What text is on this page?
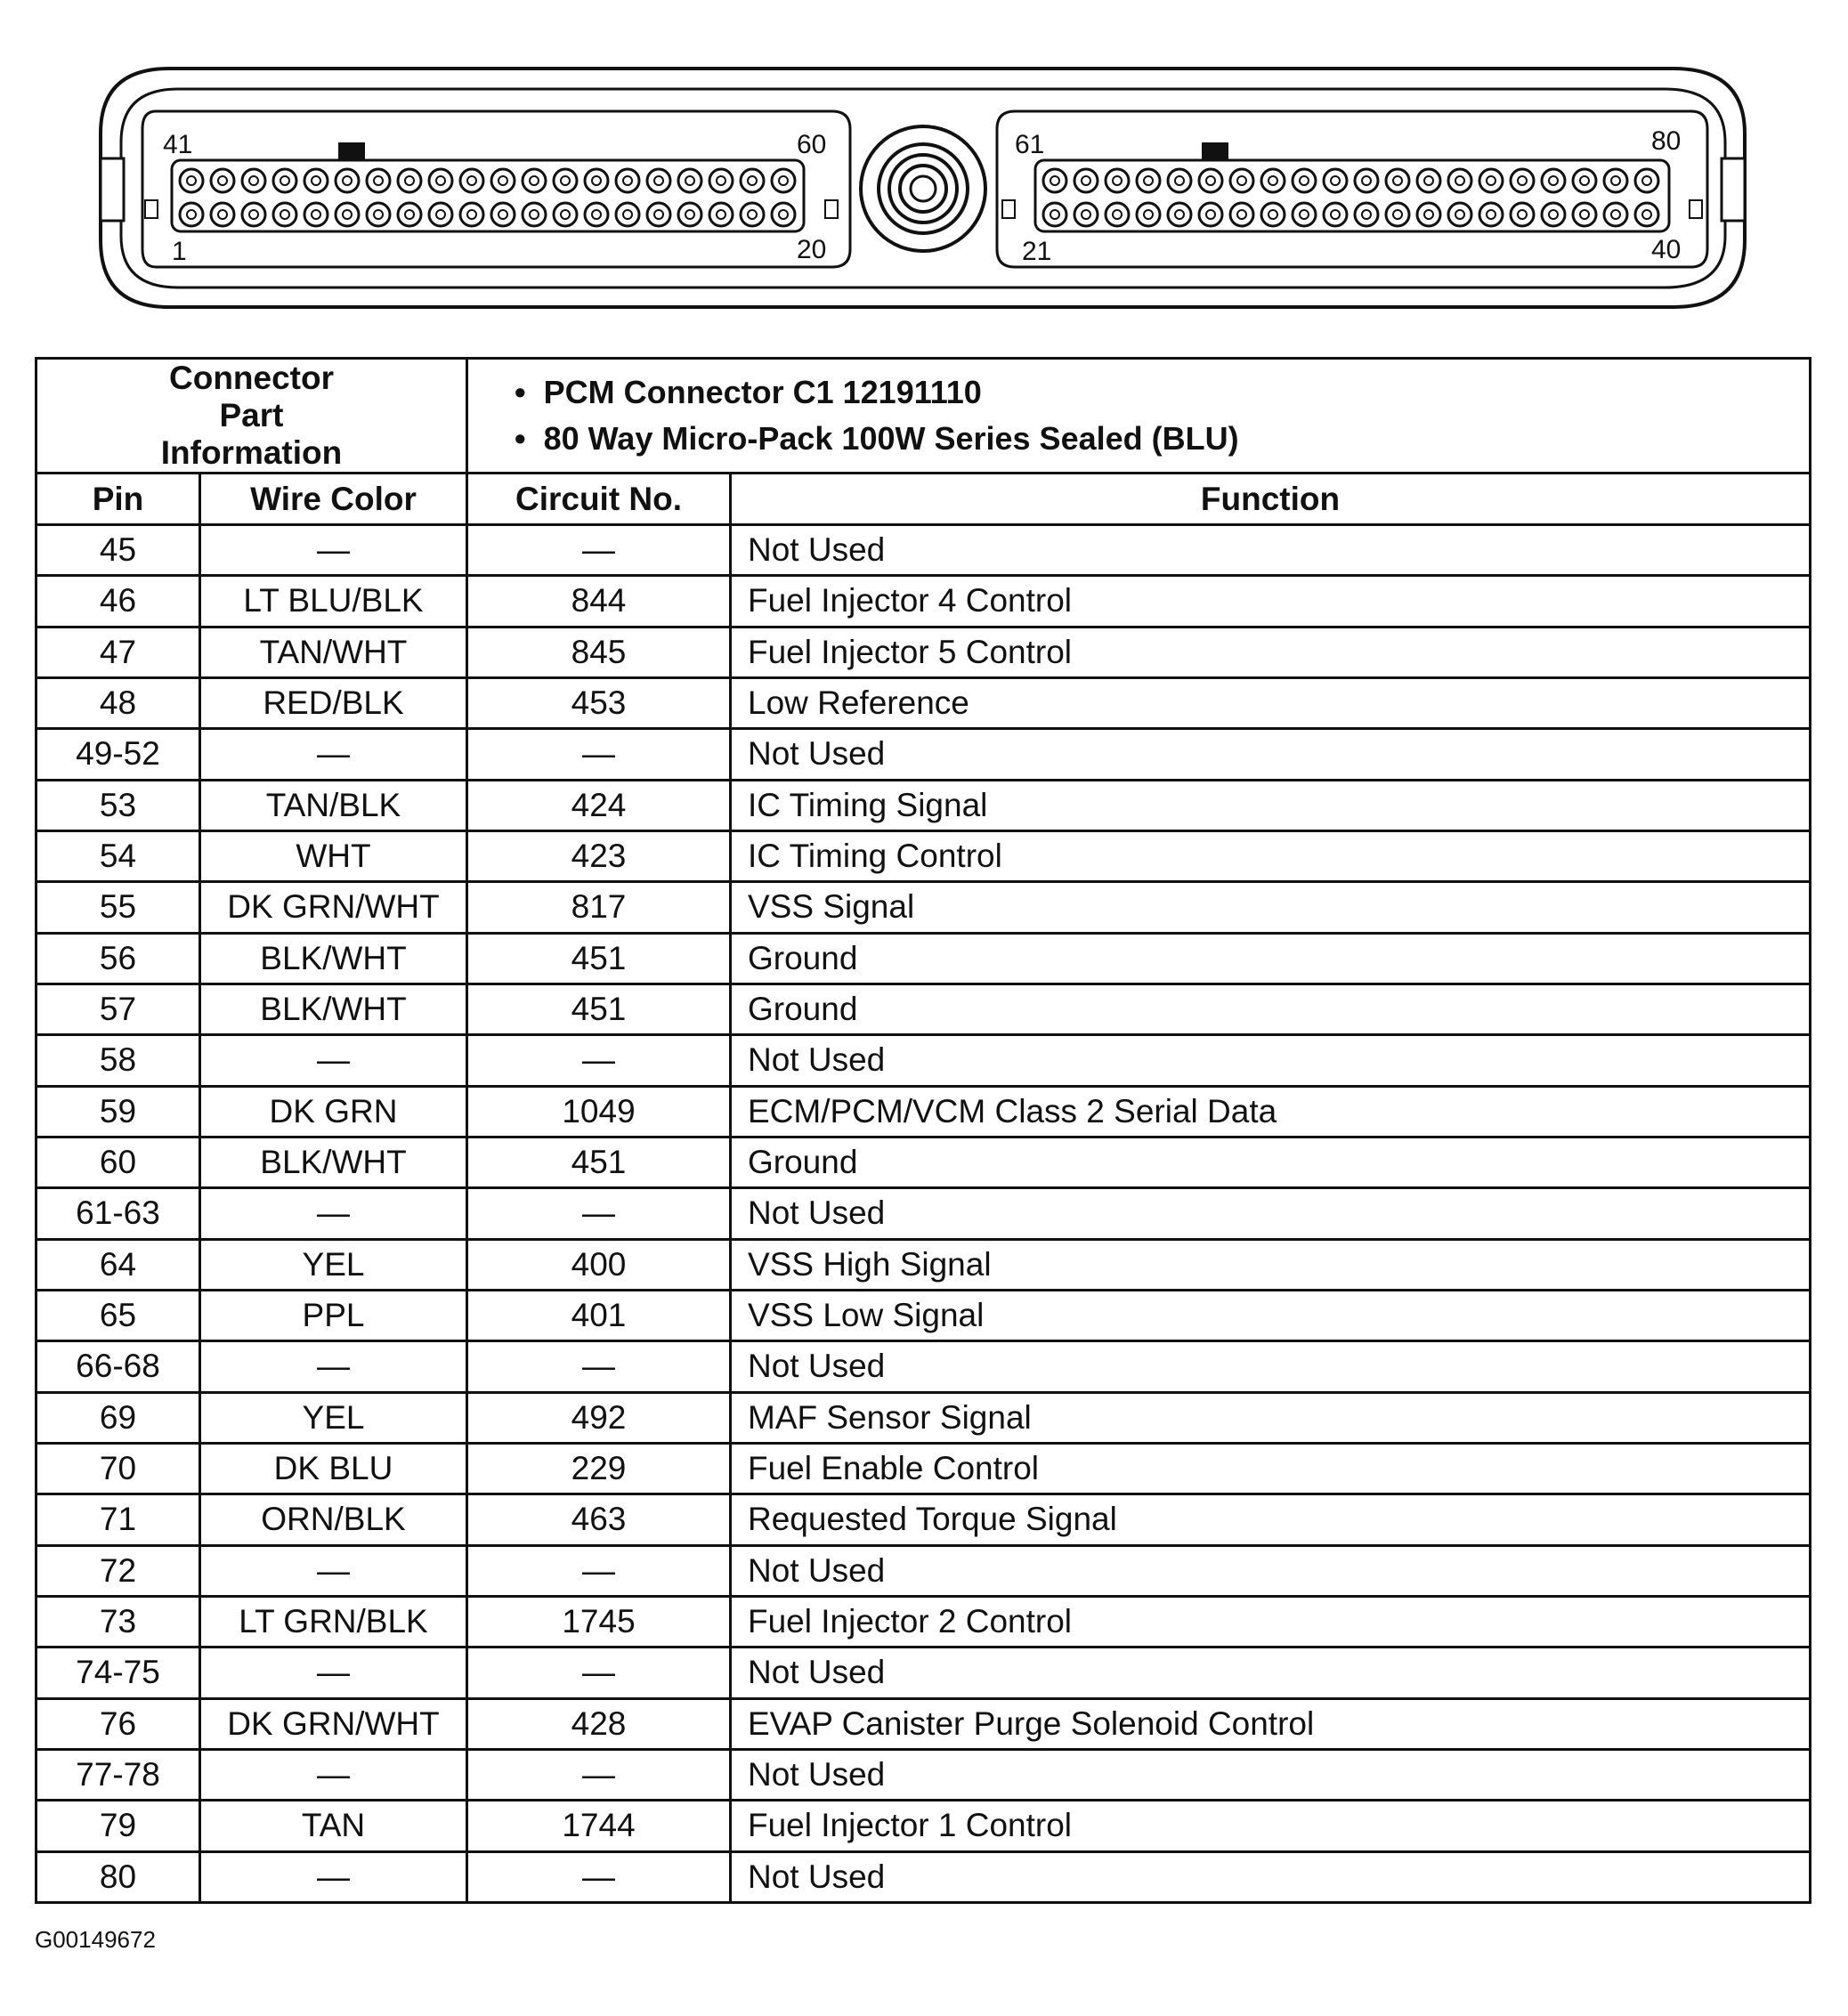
41	60
1	20
61	80
21	40
Connector Part Information		• PCM Connector C1 12191110
• 80 Way Micro-Pack 100W Series Sealed (BLU)

Pin	Wire Color	Circuit No.	Function
45	—	—	Not Used
46	LT BLU/BLK	844	Fuel Injector 4 Control
47	TAN/WHT	845	Fuel Injector 5 Control
48	RED/BLK	453	Low Reference
49-52	—	—	Not Used
53	TAN/BLK	424	IC Timing Signal
54	WHT	423	IC Timing Control
55	DK GRN/WHT	817	VSS Signal
56	BLK/WHT	451	Ground
57	BLK/WHT	451	Ground
58	—	—	Not Used
59	DK GRN	1049	ECM/PCM/VCM Class 2 Serial Data
60	BLK/WHT	451	Ground
61-63	—	—	Not Used
64	YEL	400	VSS High Signal
65	PPL	401	VSS Low Signal
66-68	—	—	Not Used
69	YEL	492	MAF Sensor Signal
70	DK BLU	229	Fuel Enable Control
71	ORN/BLK	463	Requested Torque Signal
72	—	—	Not Used
73	LT GRN/BLK	1745	Fuel Injector 2 Control
74-75	—	—	Not Used
76	DK GRN/WHT	428	EVAP Canister Purge Solenoid Control
77-78	—	—	Not Used
79	TAN	1744	Fuel Injector 1 Control
80	—	—	Not Used
G00149672
